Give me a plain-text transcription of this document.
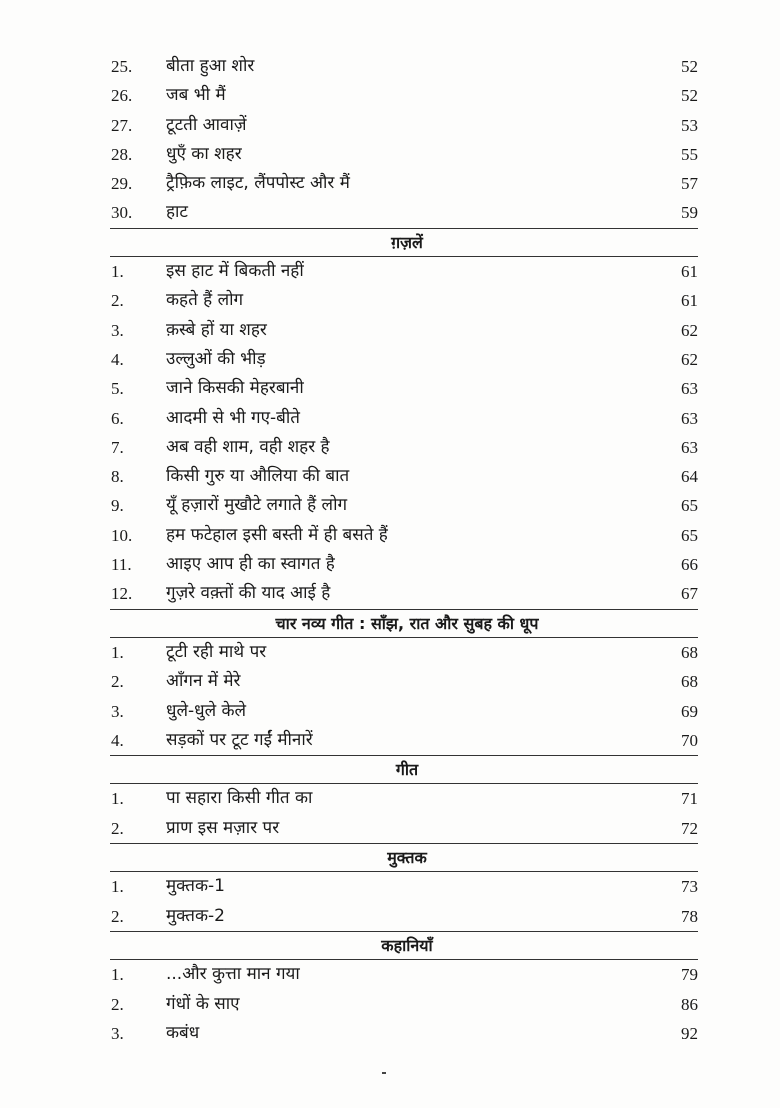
25.	बीता हुआ शोर	52
26.	जब भी मैं	52
27.	टूटती आवाज़ें	53
28.	धुएँ का शहर	55
29.	ट्रैफ़िक लाइट, लैंपपोस्ट और मैं	57
30.	हाट	59
ग़ज़लें
1.	इस हाट में बिकती नहीं	61
2.	कहते हैं लोग	61
3.	क़स्बे हों या शहर	62
4.	उल्लुओं की भीड़	62
5.	जाने किसकी मेहरबानी	63
6.	आदमी से भी गए-बीते	63
7.	अब वही शाम, वही शहर है	63
8.	किसी गुरु या औलिया की बात	64
9.	यूँ हज़ारों मुखौटे लगाते हैं लोग	65
10.	हम फटेहाल इसी बस्ती में ही बसते हैं	65
11.	आइए आप ही का स्वागत है	66
12.	गुज़रे वक़्तों की याद आई है	67
चार नव्य गीत : साँझ, रात और सुबह की धूप
1.	टूटी रही माथे पर	68
2.	आँगन में मेरे	68
3.	धुले-धुले केले	69
4.	सड़कों पर टूट गईं मीनारें	70
गीत
1.	पा सहारा किसी गीत का	71
2.	प्राण इस मज़ार पर	72
मुक्तक
1.	मुक्तक-1	73
2.	मुक्तक-2	78
कहानियाँ
1.	...और कुत्ता मान गया	79
2.	गंधों के साए	86
3.	कबंध	92
